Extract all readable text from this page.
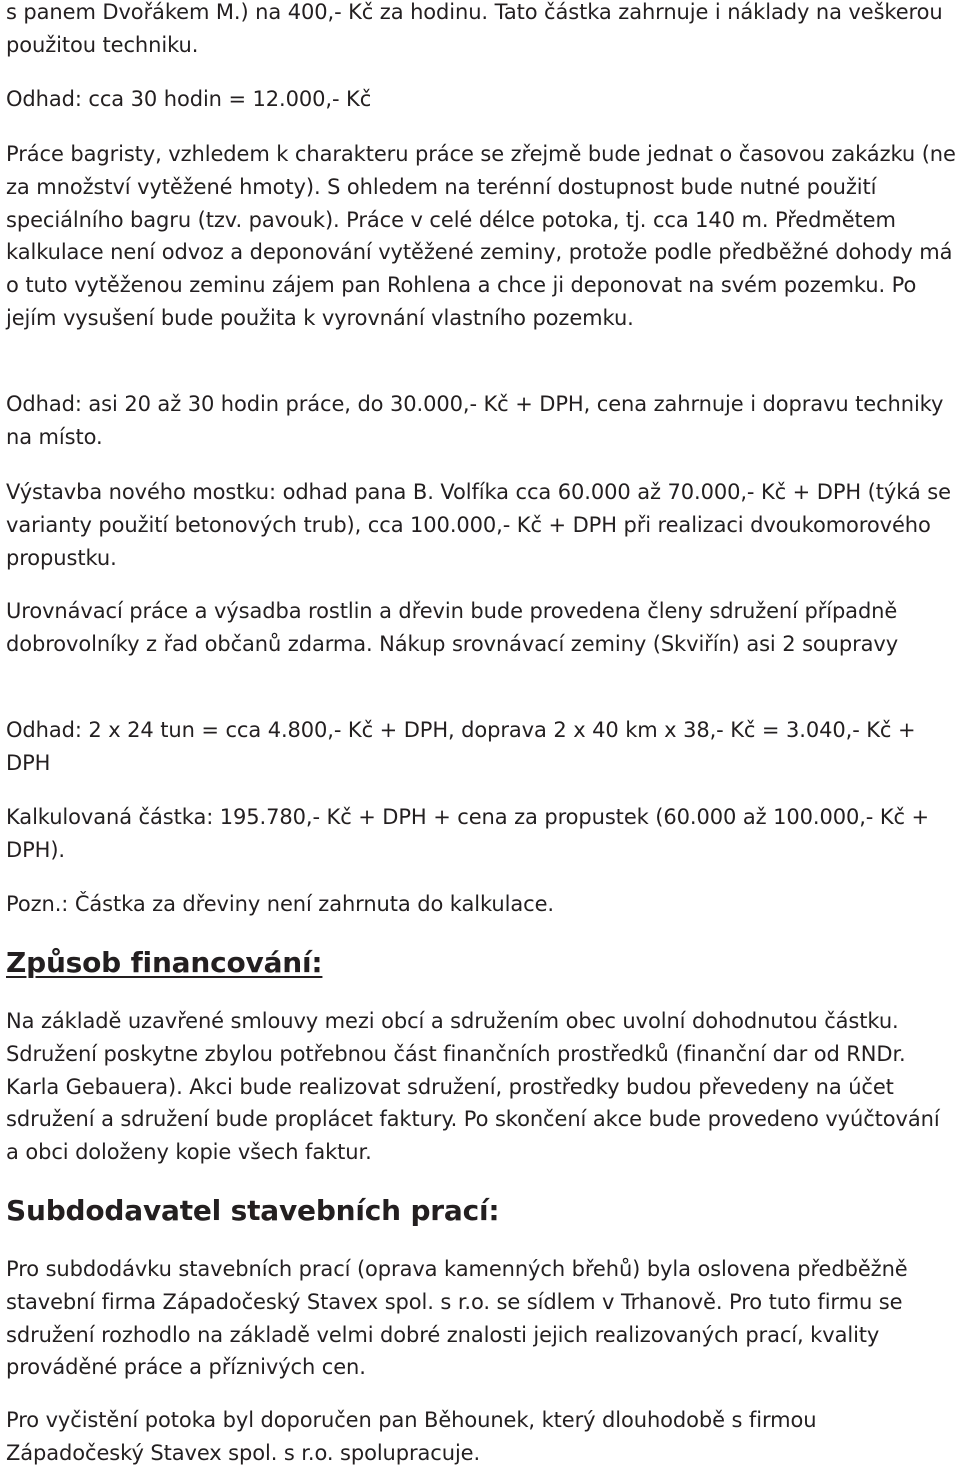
s panem Dvořákem M.) na 400,- Kč za hodinu. Tato částka zahrnuje i náklady na veškerou použitou techniku.

Odhad: cca 30 hodin = 12.000,- Kč

Práce bagristy, vzhledem k charakteru práce se zřejmě bude jednat o časovou zakázku (ne za množství vytěžené hmoty). S ohledem na terénní dostupnost bude nutné použití speciálního bagru (tzv. pavouk). Práce v celé délce potoka, tj. cca 140 m. Předmětem kalkulace není odvoz a deponování vytěžené zeminy, protože podle předběžné dohody má o tuto vytěženou zeminu zájem pan Rohlena a chce ji deponovat na svém pozemku. Po jejím vysušení bude použita k vyrovnání vlastního pozemku.

Odhad: asi 20 až 30 hodin práce, do 30.000,- Kč + DPH, cena zahrnuje i dopravu techniky na místo.

Výstavba nového mostku: odhad pana B. Volfíka cca 60.000 až 70.000,- Kč + DPH (týká se varianty použití betonových trub), cca 100.000,- Kč + DPH při realizaci dvoukomorového propustku.

Urovnávací práce a výsadba rostlin a dřevin bude provedena členy sdružení případně dobrovolníky z řad občanů zdarma. Nákup srovnávací zeminy (Skviřín) asi 2 soupravy

Odhad: 2 x 24 tun = cca 4.800,- Kč + DPH, doprava 2 x 40 km x 38,- Kč = 3.040,- Kč + DPH

Kalkulovaná částka: 195.780,- Kč + DPH + cena za propustek (60.000 až 100.000,- Kč + DPH).

Pozn.: Částka za dřeviny není zahrnuta do kalkulace.

Způsob financování:

Na základě uzavřené smlouvy mezi obcí a sdružením obec uvolní dohodnutou částku. Sdružení poskytne zbylou potřebnou část finančních prostředků (finanční dar od RNDr. Karla Gebauera). Akci bude realizovat sdružení, prostředky budou převedeny na účet sdružení a sdružení bude proplácet faktury. Po skončení akce bude provedeno vyúčtování a obci doloženy kopie všech faktur.

Subdodavatel stavebních prací:

Pro subdodávku stavebních prací (oprava kamenných břehů) byla oslovena předběžně stavební firma Západočeský Stavex spol. s r.o. se sídlem v Trhanově. Pro tuto firmu se sdružení rozhodlo na základě velmi dobré znalosti jejich realizovaných prací, kvality prováděné práce a příznivých cen.

Pro vyčistění potoka byl doporučen pan Běhounek, který dlouhodobě s firmou Západočeský Stavex spol. s r.o. spolupracuje.
